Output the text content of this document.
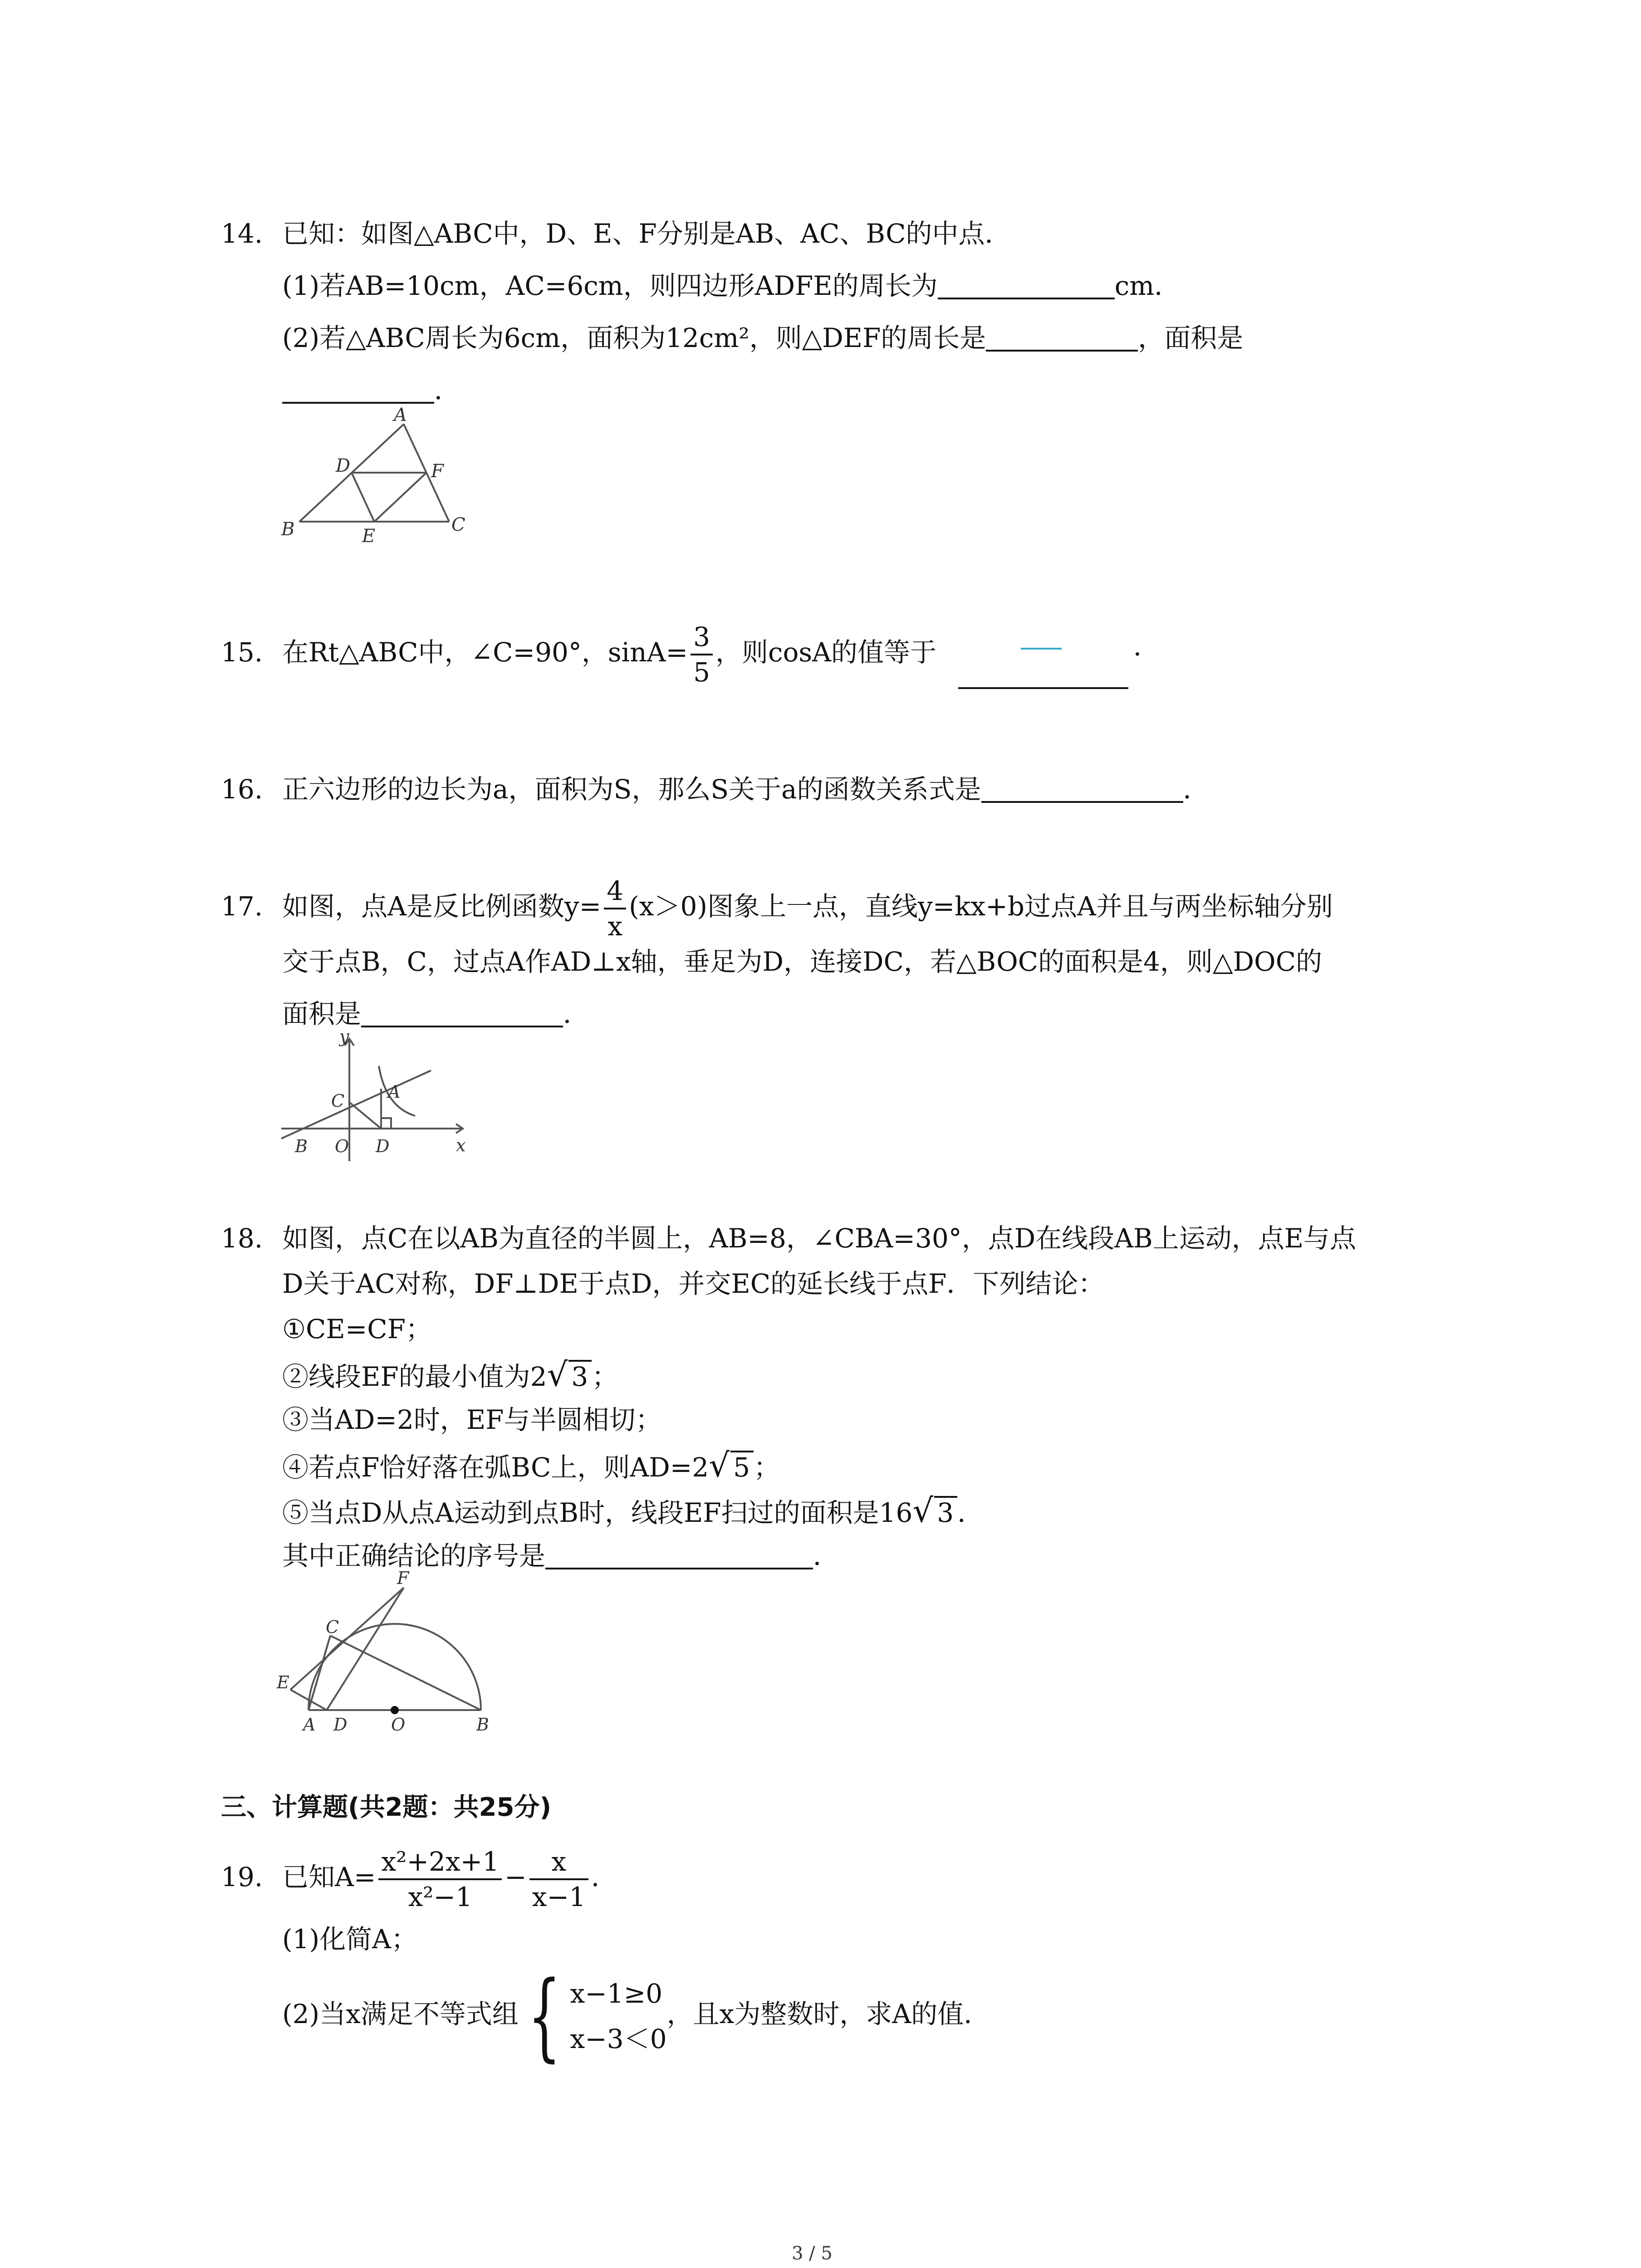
14. 已知：如图△ABC中，D、E、F分别是AB、AC、BC的中点．
(1)若AB=10cm，AC=6cm，则四边形ADFE的周长为	cm．
(2)若△ABC周长为6cm，面积为12cm²，则△DEF的周长是	，面积是
．
A
D	F
B	E
C
15. 在Rt△ABC中，∠C=90°，$\sin A= \frac{3}{5}$ ，则cosA的值等于	．
16. 正六边形的边长为a，面积为S，那么S关于a的函数关系式是	．
17. 如图，点A是反比例函数$y= \frac{4}{x} (x>0)$图象上一点，直线y=kx+b过点A并且与两坐标轴分别
交于点B，C，过点A作AD⊥x轴，垂足为D，连接DC，若△BOC的面积是4，则△DOC的
面积是	．
y
C	A
B O D	x
18. 如图，点C在以AB为直径的半圆上，AB=8，∠CBA=30°，点D在线段AB上运动，点E与点
D关于AC对称，DF⊥DE于点D，并交EC的延长线于点F．下列结论：
①CE=CF；
②线段EF的最小值为2√ 3 ；
③当AD=2时，EF与半圆相切；
④若点F恰好落在弧BC上，则AD=2√ 5 ；
⑤当点D从点A运动到点B时，线段EF扫过的面积是16√ 3 ．
其中正确结论的序号是	．
F
C
E
A D	O	B
三、计算题(共2题：共25分)
19. 已知$A= \frac{\text{x²+2x+1}}{\text{x²−1}} - \frac{x}{x-1}$ ．
(1)化简A；
(2)当x满足不等式组{ x−1≥0
x−3＜0
，且x为整数时，求A的值．
3 / 5
